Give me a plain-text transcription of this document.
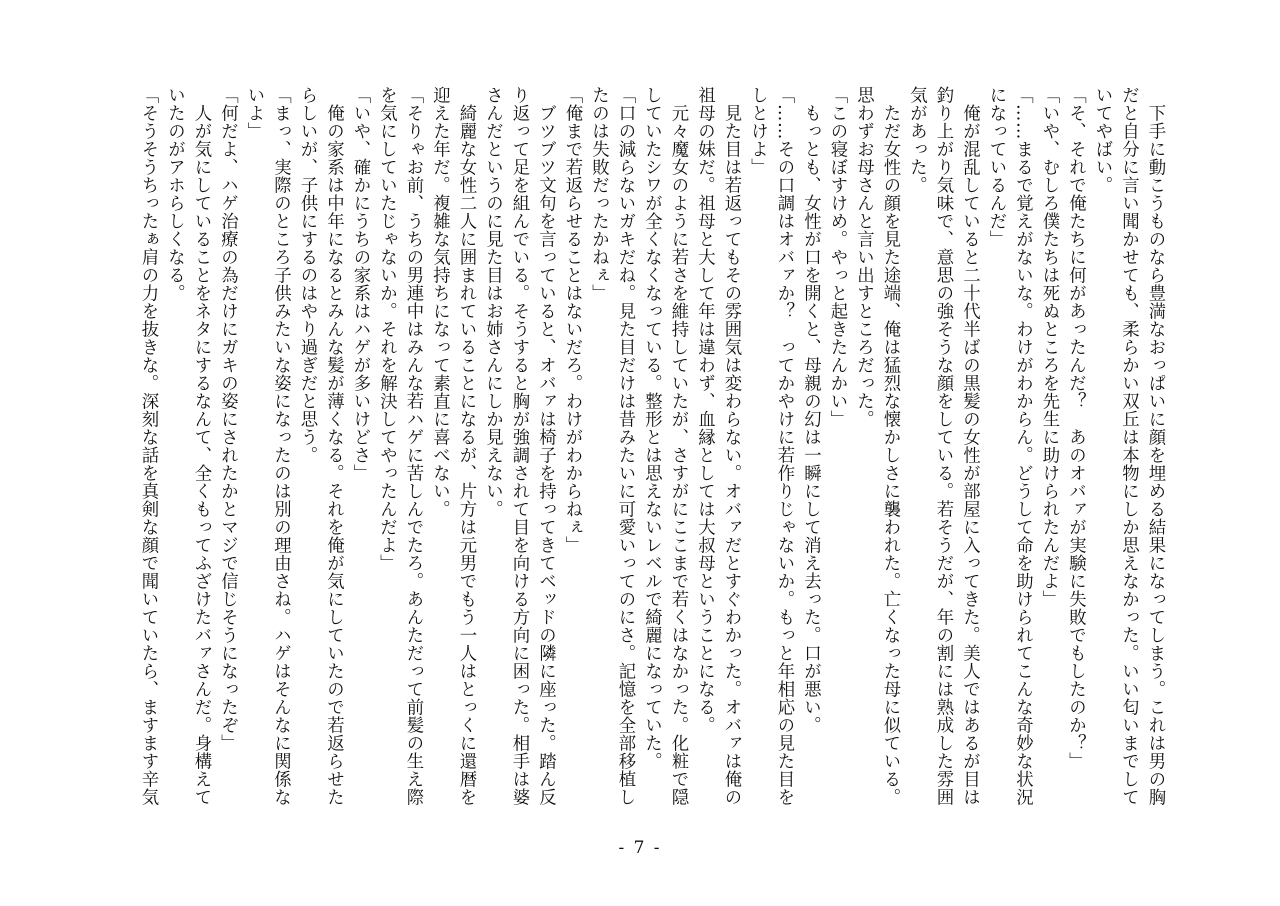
　下手に動こうものなら豊満なおっぱいに顔を埋める結果になってしまう。これは男の胸
だと自分に言い聞かせても、柔らかい双丘は本物にしか思えなかった。いい匂いまでして
いてやばい。
「そ、それで俺たちに何があったんだ？　あのオバァが実験に失敗でもしたのか？」
「いや、むしろ僕たちは死ぬところを先生に助けられたんだよ」
「……まるで覚えがないな。わけがわからん。どうして命を助けられてこんな奇妙な状況
になっているんだ」
　俺が混乱していると二十代半ばの黒髪の女性が部屋に入ってきた。美人ではあるが目は
釣り上がり気味で、意思の強そうな顔をしている。若そうだが、年の割には熟成した雰囲
気があった。
　ただ女性の顔を見た途端、俺は猛烈な懐かしさに襲われた。亡くなった母に似ている。
思わずお母さんと言い出すところだった。
「この寝ぼすけめ。やっと起きたんかい」
　もっとも、女性が口を開くと、母親の幻は一瞬にして消え去った。口が悪い。
「……その口調はオバァか？　ってかやけに若作りじゃないか。もっと年相応の見た目を
しとけよ」
　見た目は若返ってもその雰囲気は変わらない。オバァだとすぐわかった。オバァは俺の
祖母の妹だ。祖母と大して年は違わず、血縁としては大叔母ということになる。
　元々魔女のように若さを維持していたが、さすがにここまで若くはなかった。化粧で隠
していたシワが全くなくなっている。整形とは思えないレベルで綺麗になっていた。
「口の減らないガキだね。見た目だけは昔みたいに可愛いってのにさ。記憶を全部移植し
たのは失敗だったかねぇ」
「俺まで若返らせることはないだろ。わけがわからねぇ」
　ブツブツ文句を言っていると、オバァは椅子を持ってきてベッドの隣に座った。踏ん反
り返って足を組んでいる。そうすると胸が強調されて目を向ける方向に困った。相手は婆
さんだというのに見た目はお姉さんにしか見えない。
　綺麗な女性二人に囲まれていることになるが、片方は元男でもう一人はとっくに還暦を
迎えた年だ。複雑な気持ちになって素直に喜べない。
「そりゃお前、うちの男連中はみんな若ハゲに苦しんでたろ。あんただって前髪の生え際
を気にしていたじゃないか。それを解決してやったんだよ」
「いや、確かにうちの家系はハゲが多いけどさ」
　俺の家系は中年になるとみんな髪が薄くなる。それを俺が気にしていたので若返らせた
らしいが、子供にするのはやり過ぎだと思う。
「まっ、実際のところ子供みたいな姿になったのは別の理由さね。ハゲはそんなに関係な
いよ」
「何だよ、ハゲ治療の為だけにガキの姿にされたかとマジで信じそうになったぞ」
　人が気にしていることをネタにするなんて、全くもってふざけたバァさんだ。身構えて
いたのがアホらしくなる。
「そうそうちったぁ肩の力を抜きな。深刻な話を真剣な顔で聞いていたら、ますます辛気
- 7 -
